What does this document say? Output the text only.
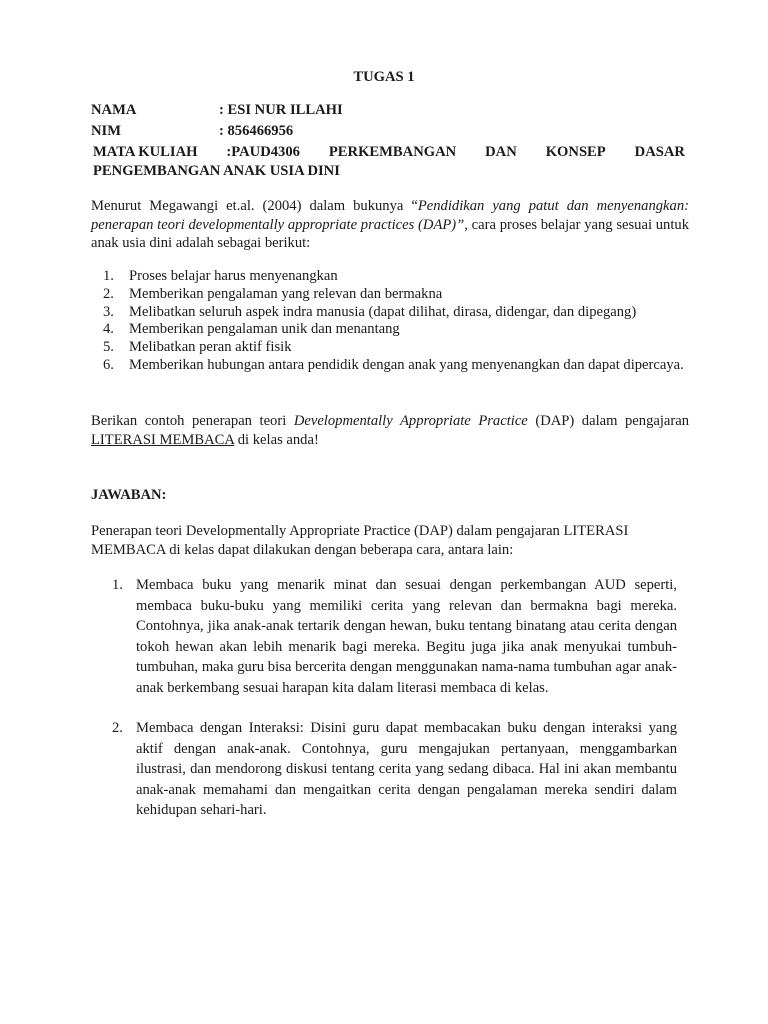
TUGAS 1
NAMA	: ESI NUR ILLAHI
NIM	: 856466956
MATA KULIAH :PAUD4306 PERKEMBANGAN DAN KONSEP DASAR
PENGEMBANGAN ANAK USIA DINI
Menurut Megawangi et.al. (2004) dalam bukunya “Pendidikan yang patut dan menyenangkan: penerapan teori developmentally appropriate practices (DAP)”, cara proses belajar yang sesuai untuk anak usia dini adalah sebagai berikut:
1. Proses belajar harus menyenangkan
2. Memberikan pengalaman yang relevan dan bermakna
3. Melibatkan seluruh aspek indra manusia (dapat dilihat, dirasa, didengar, dan dipegang)
4. Memberikan pengalaman unik dan menantang
5. Melibatkan peran aktif fisik
6. Memberikan hubungan antara pendidik dengan anak yang menyenangkan dan dapat dipercaya.
Berikan contoh penerapan teori Developmentally Appropriate Practice (DAP) dalam pengajaran LITERASI MEMBACA di kelas anda!
JAWABAN:
Penerapan teori Developmentally Appropriate Practice (DAP) dalam pengajaran LITERASI MEMBACA di kelas dapat dilakukan dengan beberapa cara, antara lain:
1. Membaca buku yang menarik minat dan sesuai dengan perkembangan AUD seperti, membaca buku-buku yang memiliki cerita yang relevan dan bermakna bagi mereka. Contohnya, jika anak-anak tertarik dengan hewan, buku tentang binatang atau cerita dengan tokoh hewan akan lebih menarik bagi mereka. Begitu juga jika anak menyukai tumbuh-tumbuhan, maka guru bisa bercerita dengan menggunakan nama-nama tumbuhan agar anak-anak berkembang sesuai harapan kita dalam literasi membaca di kelas.
2. Membaca dengan Interaksi: Disini guru dapat membacakan buku dengan interaksi yang aktif dengan anak-anak. Contohnya, guru mengajukan pertanyaan, menggambarkan ilustrasi, dan mendorong diskusi tentang cerita yang sedang dibaca. Hal ini akan membantu anak-anak memahami dan mengaitkan cerita dengan pengalaman mereka sendiri dalam kehidupan sehari-hari.
